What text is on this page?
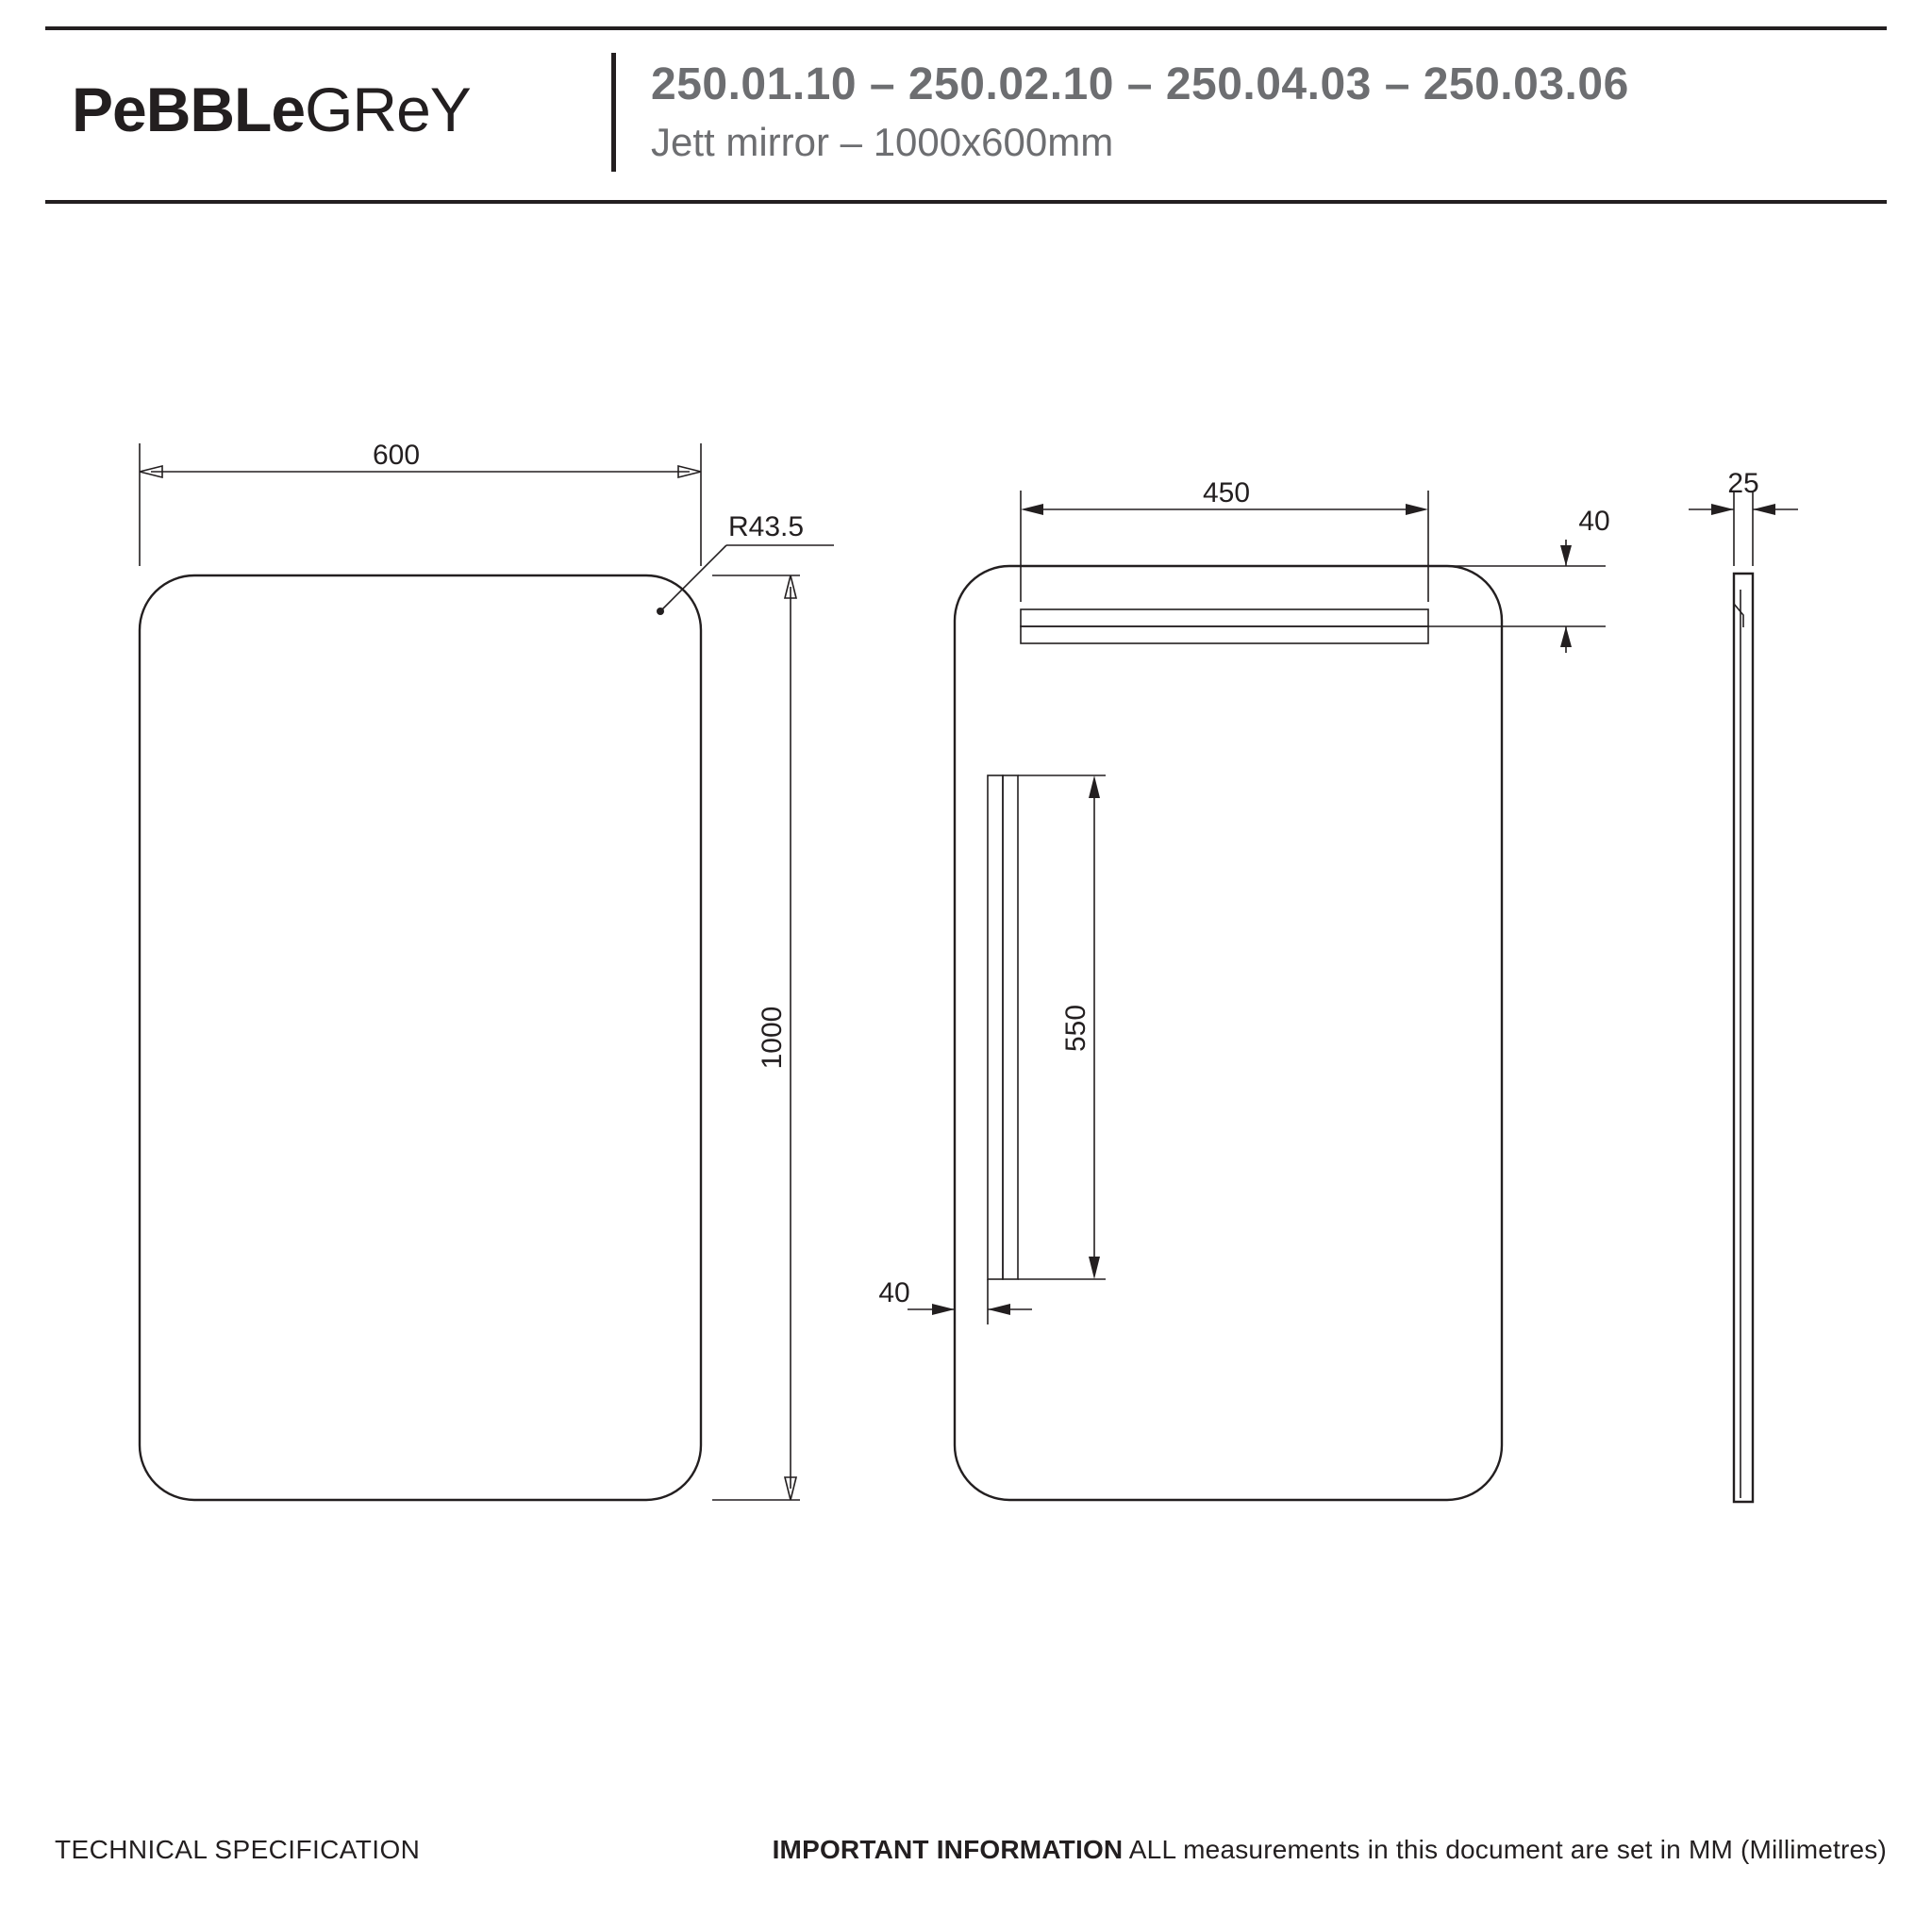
PeBBLeGReY	250.01.10 – 250.02.10 – 250.04.03 – 250.03.06
Jett mirror – 1000x600mm
600
1000
R43.5
450
40
550
40
25
TECHNICAL SPECIFICATION	IMPORTANT INFORMATION ALL measurements in this document are set in MM (Millimetres)
